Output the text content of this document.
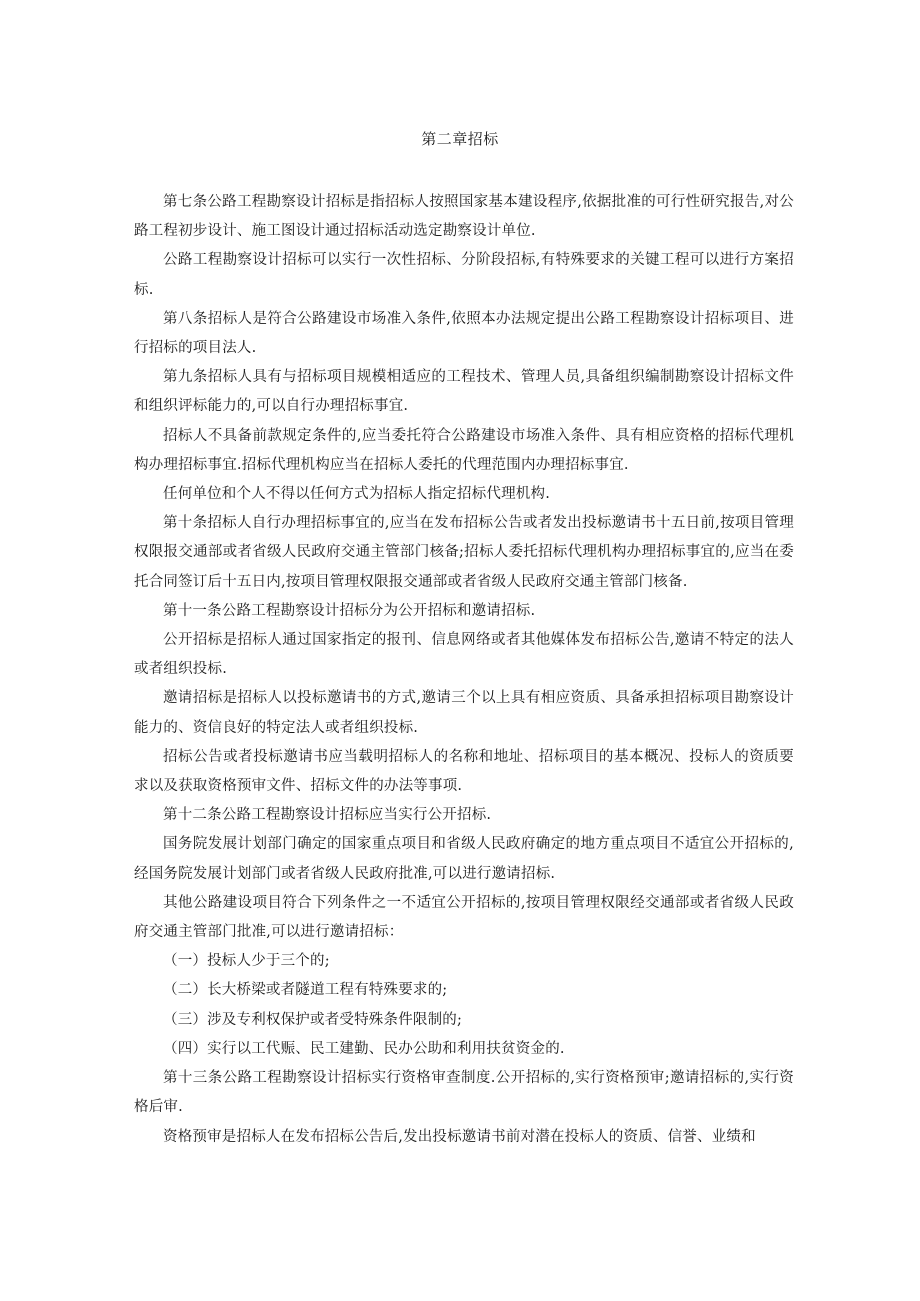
第二章招标

第七条公路工程勘察设计招标是指招标人按照国家基本建设程序,依据批准的可行性研究报告,对公路工程初步设计、施工图设计通过招标活动选定勘察设计单位.

公路工程勘察设计招标可以实行一次性招标、分阶段招标,有特殊要求的关键工程可以进行方案招标.

第八条招标人是符合公路建设市场准入条件,依照本办法规定提出公路工程勘察设计招标项目、进行招标的项目法人.

第九条招标人具有与招标项目规模相适应的工程技术、管理人员,具备组织编制勘察设计招标文件和组织评标能力的,可以自行办理招标事宜.

招标人不具备前款规定条件的,应当委托符合公路建设市场准入条件、具有相应资格的招标代理机构办理招标事宜.招标代理机构应当在招标人委托的代理范围内办理招标事宜.

任何单位和个人不得以任何方式为招标人指定招标代理机构.

第十条招标人自行办理招标事宜的,应当在发布招标公告或者发出投标邀请书十五日前,按项目管理权限报交通部或者省级人民政府交通主管部门核备;招标人委托招标代理机构办理招标事宜的,应当在委托合同签订后十五日内,按项目管理权限报交通部或者省级人民政府交通主管部门核备.

第十一条公路工程勘察设计招标分为公开招标和邀请招标.

公开招标是招标人通过国家指定的报刊、信息网络或者其他媒体发布招标公告,邀请不特定的法人或者组织投标.

邀请招标是招标人以投标邀请书的方式,邀请三个以上具有相应资质、具备承担招标项目勘察设计能力的、资信良好的特定法人或者组织投标.

招标公告或者投标邀请书应当载明招标人的名称和地址、招标项目的基本概况、投标人的资质要求以及获取资格预审文件、招标文件的办法等事项.

第十二条公路工程勘察设计招标应当实行公开招标.

国务院发展计划部门确定的国家重点项目和省级人民政府确定的地方重点项目不适宜公开招标的,经国务院发展计划部门或者省级人民政府批准,可以进行邀请招标.

其他公路建设项目符合下列条件之一不适宜公开招标的,按项目管理权限经交通部或者省级人民政府交通主管部门批准,可以进行邀请招标：

（一）投标人少于三个的;

（二）长大桥梁或者隧道工程有特殊要求的;

（三）涉及专利权保护或者受特殊条件限制的;

（四）实行以工代赈、民工建勤、民办公助和利用扶贫资金的.

第十三条公路工程勘察设计招标实行资格审查制度.公开招标的,实行资格预审;邀请招标的,实行资格后审.

资格预审是招标人在发布招标公告后,发出投标邀请书前对潜在投标人的资质、信誉、业绩和
